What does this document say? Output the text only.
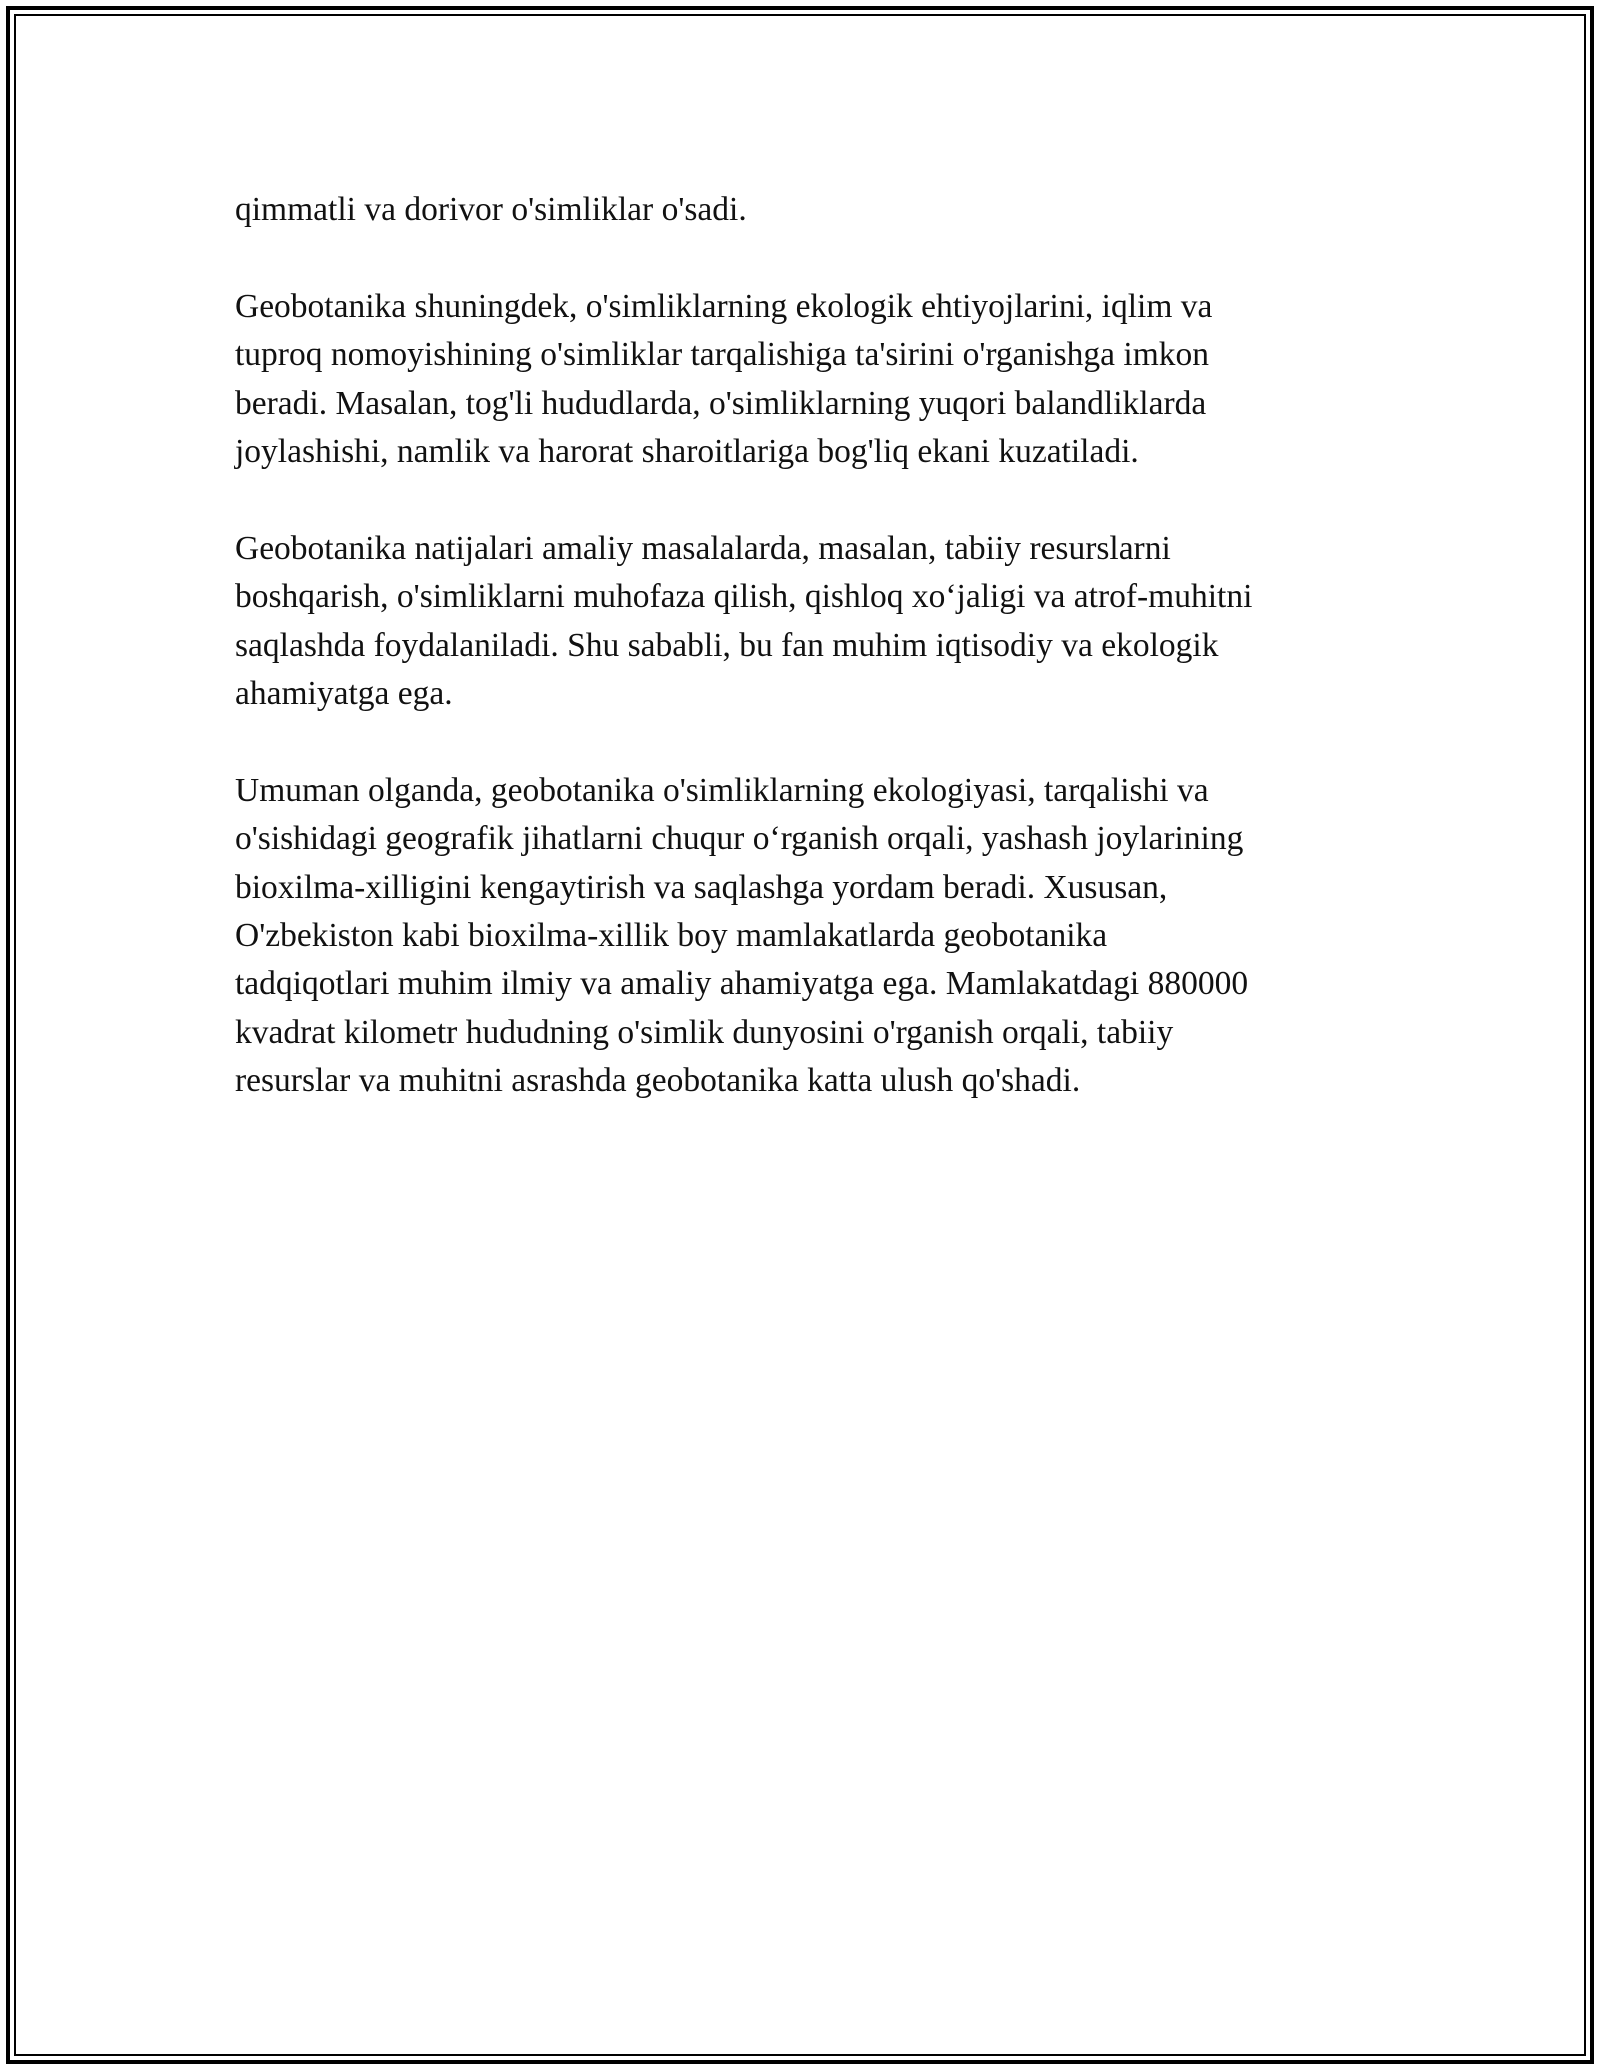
qimmatli va dorivor o'simliklar o'sadi.

Geobotanika shuningdek, o'simliklarning ekologik ehtiyojlarini, iqlim va
tuproq nomoyishining o'simliklar tarqalishiga ta'sirini o'rganishga imkon
beradi. Masalan, tog'li hududlarda, o'simliklarning yuqori balandliklarda
joylashishi, namlik va harorat sharoitlariga bog'liq ekani kuzatiladi.

Geobotanika natijalari amaliy masalalarda, masalan, tabiiy resurslarni
boshqarish, o'simliklarni muhofaza qilish, qishloq xo‘jaligi va atrof-muhitni
saqlashda foydalaniladi. Shu sababli, bu fan muhim iqtisodiy va ekologik
ahamiyatga ega.

Umuman olganda, geobotanika o'simliklarning ekologiyasi, tarqalishi va
o'sishidagi geografik jihatlarni chuqur o‘rganish orqali, yashash joylarining
bioxilma-xilligini kengaytirish va saqlashga yordam beradi. Xususan,
O'zbekiston kabi bioxilma-xillik boy mamlakatlarda geobotanika
tadqiqotlari muhim ilmiy va amaliy ahamiyatga ega. Mamlakatdagi 880000
kvadrat kilometr hududning o'simlik dunyosini o'rganish orqali, tabiiy
resurslar va muhitni asrashda geobotanika katta ulush qo'shadi.
